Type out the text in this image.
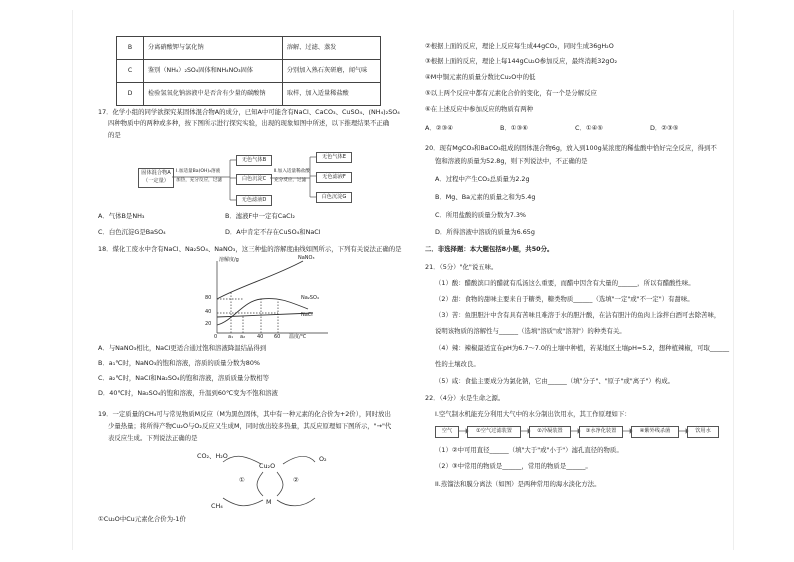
B	分离硝酸钾与氯化钠	溶解、过滤、蒸发
C	鉴别（NH₄）₂SO₄固体和NH₄NO₃固体	分别加入熟石灰研磨，闻气味
D	检验氢氧化钠溶液中是否含有少量的碳酸钠	取样，加入适量稀盐酸
17．化学小组的同学欲探究某固体混合物A的成分，已知A中可能含有NaCl、CaCO₃、CuSO₄、(NH₄)₂SO₄
四种物质中的两种或多种，按下图所示进行探究实验，出现的现象如图中所述，以下推理结果不正确
的是
固体混合物A（一定量）
Ⅰ.加适量Ba(OH)₂溶液
加热，充分反应，过滤
无色气体B
白色沉淀C
无色滤液D
Ⅱ.加入适量稀盐酸
充分反应，过滤
无色气体E
无色滤液F
白色沉淀G
A．气体B是NH₃	B．滤液F中一定有CaCl₂
C．白色沉淀G是BaSO₄	D．A中肯定不存在CuSO₄和NaCl
18．煤化工废水中含有NaCl、Na₂SO₄、NaNO₃，这三种盐的溶解度曲线如图所示，下列有关说法正确的是
溶解度/g	NaNO₃
Na₂SO₄
NaCl
80
40
20
0 a₁ a₂ 40 60 温度/℃
A．与NaNO₃相比，NaCl更适合通过饱和溶液降温结晶得到
B．a₁℃时，NaNO₃的饱和溶液，溶质的质量分数为80%
C．a₂℃时，NaCl和Na₂SO₄的饱和溶液，溶质质量分数相等
D．40℃时，Na₂SO₄的饱和溶液，升温到60℃变为不饱和溶液
19．一定质量的CH₄可与常见物质M反应（M为黑色固体，其中有一种元素的化合价为+2价），同时放出
少量热量；将所得产物Cu₂O与O₂反应又生成M，同时放出较多热量，其反应原理如下图所示，"→"代
表反应生成。下列说法正确的是
CO₂、H₂O
Cu₂O
O₂
CH₄	M
①	②
①Cu₂O中Cu元素化合价为-1价
②根据上面的反应，理论上反应每生成44gCO₂，同时生成36gH₂O
③根据上面的反应，理论上每144gCu₂O参加反应，最终消耗32gO₂
④M中铜元素的质量分数比Cu₂O中的低
⑤以上两个反应中都有元素化合价的变化，有一个是分解反应
⑥在上述反应中参加反应的物质有两种
A．②③④	B．①③⑥	C．①④⑤	D．②③⑤
20．现有MgCO₃和BaCO₃组成的固体混合物6g，放入到100g某浓度的稀盐酸中恰好完全反应，得到不
饱和溶液的质量为52.8g，则下列说法中，不正确的是
A．过程中产生CO₂总质量为2.2g
B．Mg、Ba元素的质量之和为5.4g
C．所用盐酸的质量分数为7.3%
D．所得溶液中溶质的质量为6.65g
二．非选择题：本大题包括8小题，共50分。
21．（5分）"化"说五味。
（1）酸：醋酸滨口的醋就有瓜汤这么重要，而醋中因含有大量的______，所以有醋酸性味。
（2）甜：食物的甜味主要来自于糖类，糖类物质______（选填"一定"或"不一定"）有甜味。
（3）苦：鱼胆胆汁中含有具有苦味且难溶于水的胆汁酸，在沾有胆汁的鱼肉上涂拌白酒可去除苦味，
说明该物质的溶解性与______（选填"溶质"或"溶剂"）的种类有关。
（4）辣：辣椒最适宜在pH为6.7～7.0的土壤中种植，若某地区土壤pH=5.2，想种植辣椒，可取______
性的土壤改良。
（5）咸：食盐主要成分为氯化钠，它由______（填"分子"、"原子"或"离子"）构成。
22．（4分）水是生命之源。
I.空气制水机能充分利用大气中的水分制出饮用水，其工作原理如下：
空气	①空气过滤装置	②冷凝装置	③水净化装置	④紫外线杀菌	饮用水
（1）②中可用直径______（填"大于"或"小于"）滤孔直径的物质。
（2）③中常用的物质是______，常用的物质是______。
II.蒸馏法和膜分离法（如图）是两种常用的海水淡化方法。
